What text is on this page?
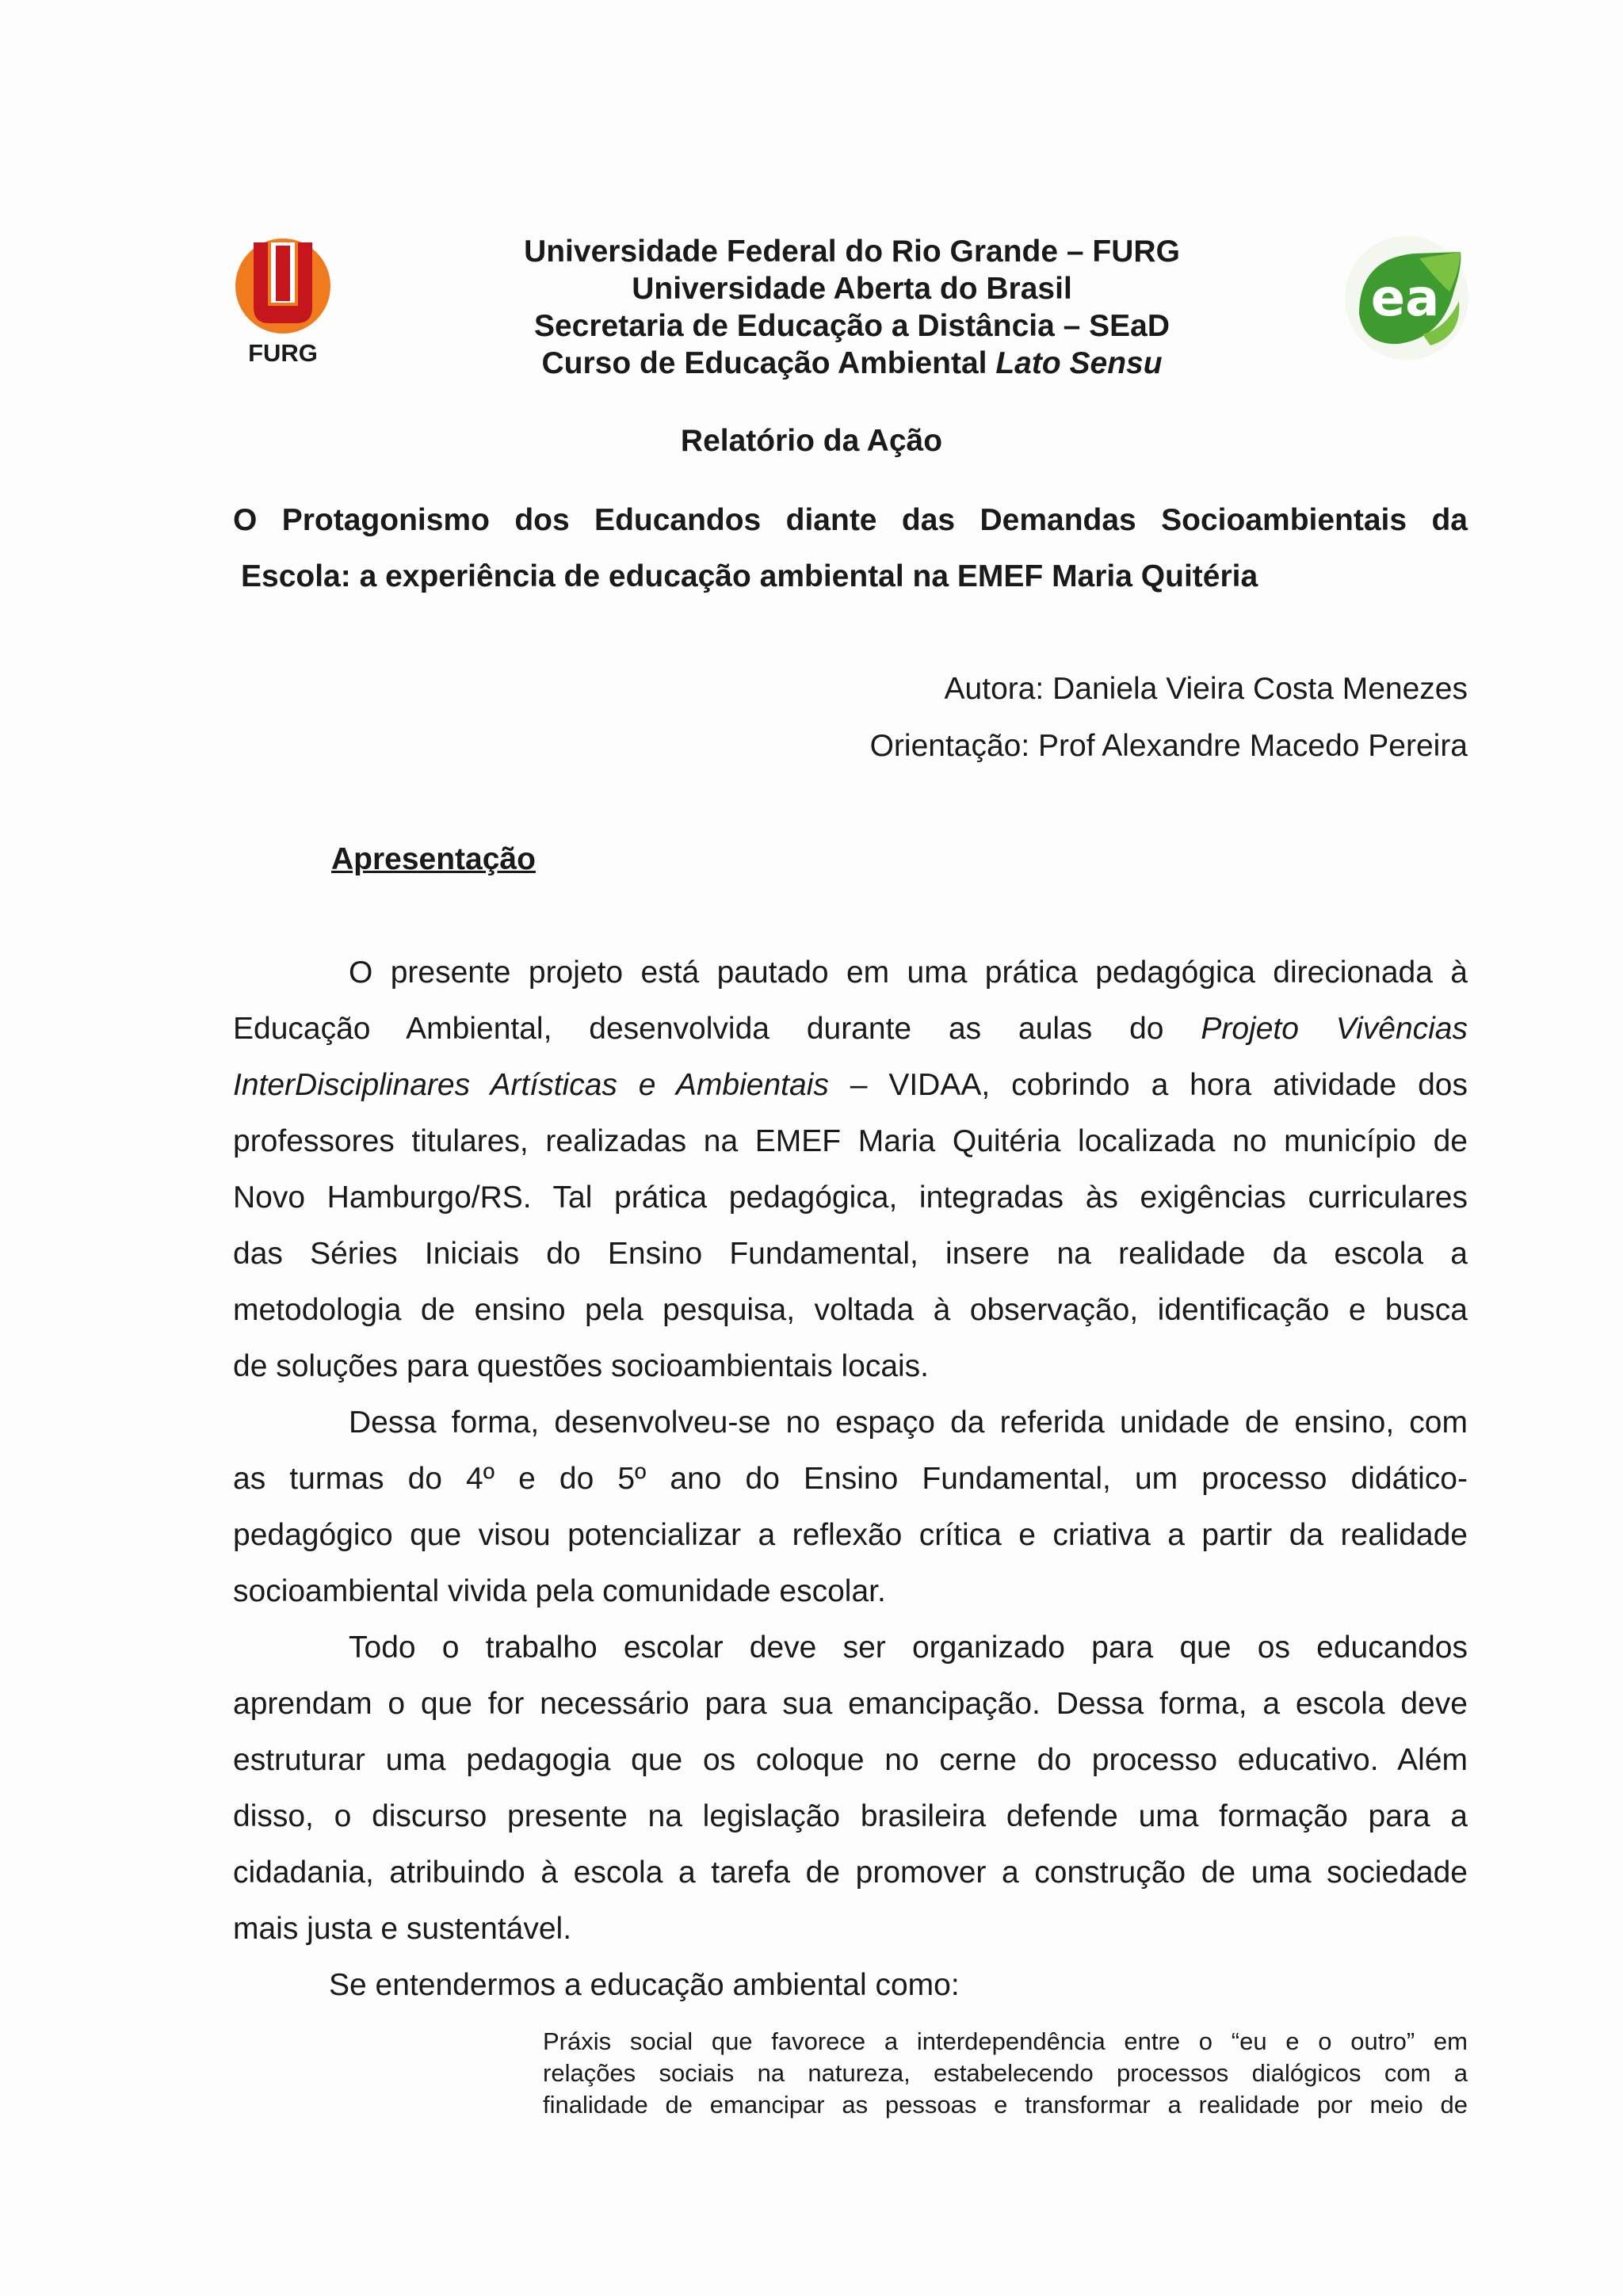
FURG
ea
Universidade Federal do Rio Grande – FURG
Universidade Aberta do Brasil
Secretaria de Educação a Distância – SEaD
Curso de Educação Ambiental Lato Sensu
Relatório da Ação
O Protagonismo dos Educandos diante das Demandas Socioambientais da
Escola: a experiência de educação ambiental na EMEF Maria Quitéria
Autora: Daniela Vieira Costa Menezes
Orientação: Prof Alexandre Macedo Pereira
Apresentação
O presente projeto está pautado em uma prática pedagógica direcionada à
Educação Ambiental, desenvolvida durante as aulas do Projeto Vivências
InterDisciplinares Artísticas e Ambientais – VIDAA, cobrindo a hora atividade dos
professores titulares, realizadas na EMEF Maria Quitéria localizada no município de
Novo Hamburgo/RS. Tal prática pedagógica, integradas às exigências curriculares
das Séries Iniciais do Ensino Fundamental, insere na realidade da escola a
metodologia de ensino pela pesquisa, voltada à observação, identificação e busca
de soluções para questões socioambientais locais.
Dessa forma, desenvolveu-se no espaço da referida unidade de ensino, com
as turmas do 4º e do 5º ano do Ensino Fundamental, um processo didático-
pedagógico que visou potencializar a reflexão crítica e criativa a partir da realidade
socioambiental vivida pela comunidade escolar.
Todo o trabalho escolar deve ser organizado para que os educandos
aprendam o que for necessário para sua emancipação. Dessa forma, a escola deve
estruturar uma pedagogia que os coloque no cerne do processo educativo. Além
disso, o discurso presente na legislação brasileira defende uma formação para a
cidadania, atribuindo à escola a tarefa de promover a construção de uma sociedade
mais justa e sustentável.
Se entendermos a educação ambiental como:
Práxis social que favorece a interdependência entre o “eu e o outro” em
relações sociais na natureza, estabelecendo processos dialógicos com a
finalidade de emancipar as pessoas e transformar a realidade por meio de
